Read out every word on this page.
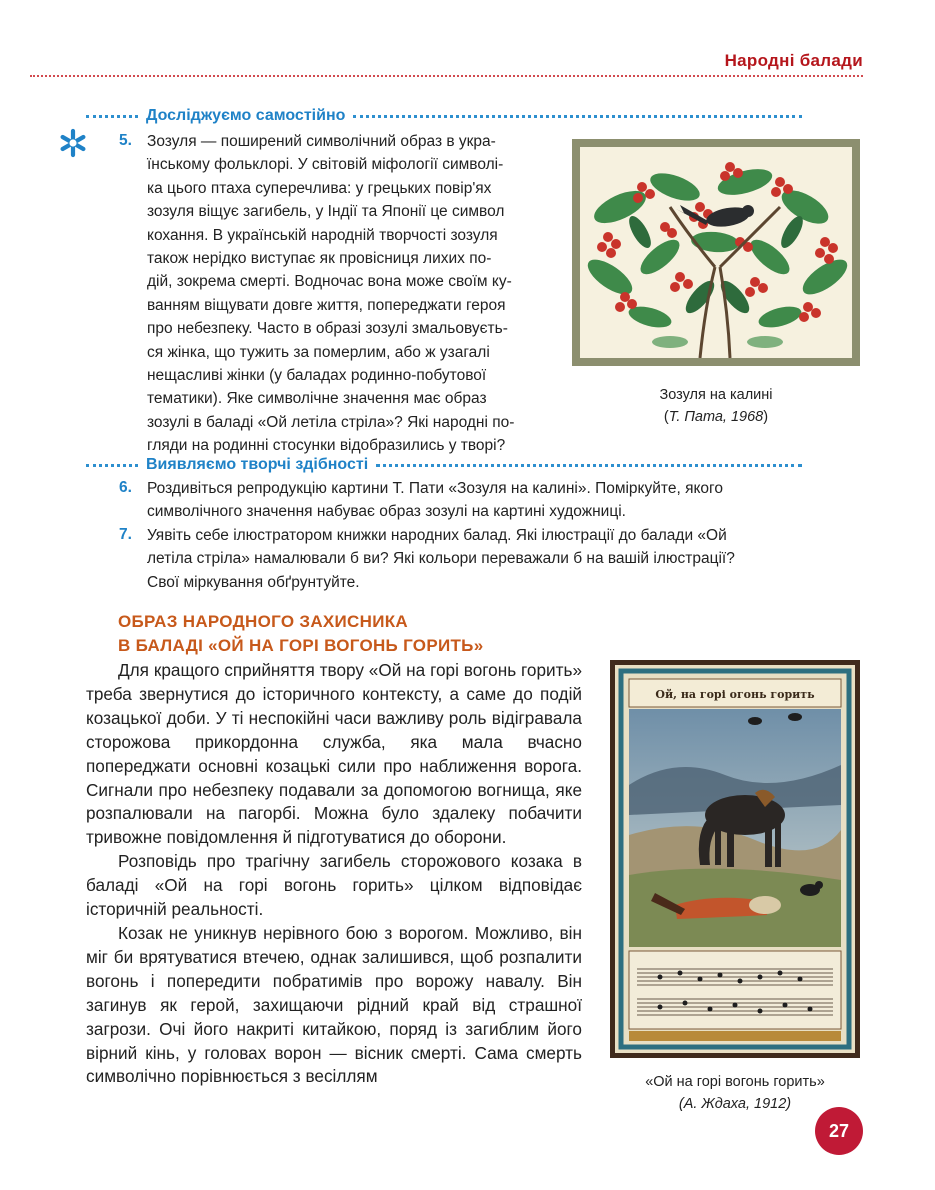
Народні балади
Досліджуємо самостійно
5. Зозуля — поширений символічний образ в укра-
їнському фольклорі. У світовій міфології символі-
ка цього птаха суперечлива: у грецьких повір'ях
зозуля віщує загибель, у Індії та Японії це символ
кохання. В українській народній творчості зозуля
також нерідко виступає як провісниця лихих по-
дій, зокрема смерті. Водночас вона може своїм ку-
ванням віщувати довге життя, попереджати героя
про небезпеку. Часто в образі зозулі змальовуєть-
ся жінка, що тужить за померлим, або ж узагалі
нещасливі жінки (у баладах родинно-побутової
тематики). Яке символічне значення має образ
зозулі в баладі «Ой летіла стріла»? Які народні по-
гляди на родинні стосунки відобразились у творі?
Зозуля на калині
(Т. Пата, 1968)
Виявляємо творчі здібності
6. Роздивіться репродукцію картини Т. Пати «Зозуля на калині». Поміркуйте, якого
символічного значення набуває образ зозулі на картині художниці.
7. Уявіть себе ілюстратором книжки народних балад. Які ілюстрації до балади «Ой
летіла стріла» намалювали б ви? Які кольори переважали б на вашій ілюстрації?
Свої міркування обґрунтуйте.
ОБРАЗ НАРОДНОГО ЗАХИСНИКА
В БАЛАДІ «ОЙ НА ГОРІ ВОГОНЬ ГОРИТЬ»

Для кращого сприйняття твору «Ой на горі вогонь горить» треба звернутися до історичного контексту, а саме до подій козацької доби. У ті неспокійні часи важливу роль відігравала сторожова прикордонна служба, яка мала вчасно попереджати основні козацькі сили про наближення ворога. Сигнали про небезпеку подавали за допомогою вогнища, яке розпалювали на пагорбі. Можна було здалеку побачити тривожне повідомлення й підготуватися до оборони.

Розповідь про трагічну загибель сторожового козака в баладі «Ой на горі вогонь горить» цілком відповідає історичній реальності.

Козак не уникнув нерівного бою з ворогом. Можливо, він міг би врятуватися втечею, однак залишився, щоб розпалити вогонь і попередити побратимів про ворожу навалу. Він загинув як герой, захищаючи рідний край від страшної загрози. Очі його накриті китайкою, поряд із загиблим його вірний кінь, у головах ворон — вісник смерті. Сама смерть символічно порівнюється з весіллям

Ой, на горі огонь горить
«Ой на горі вогонь горить»
(А. Ждаха, 1912)
27
